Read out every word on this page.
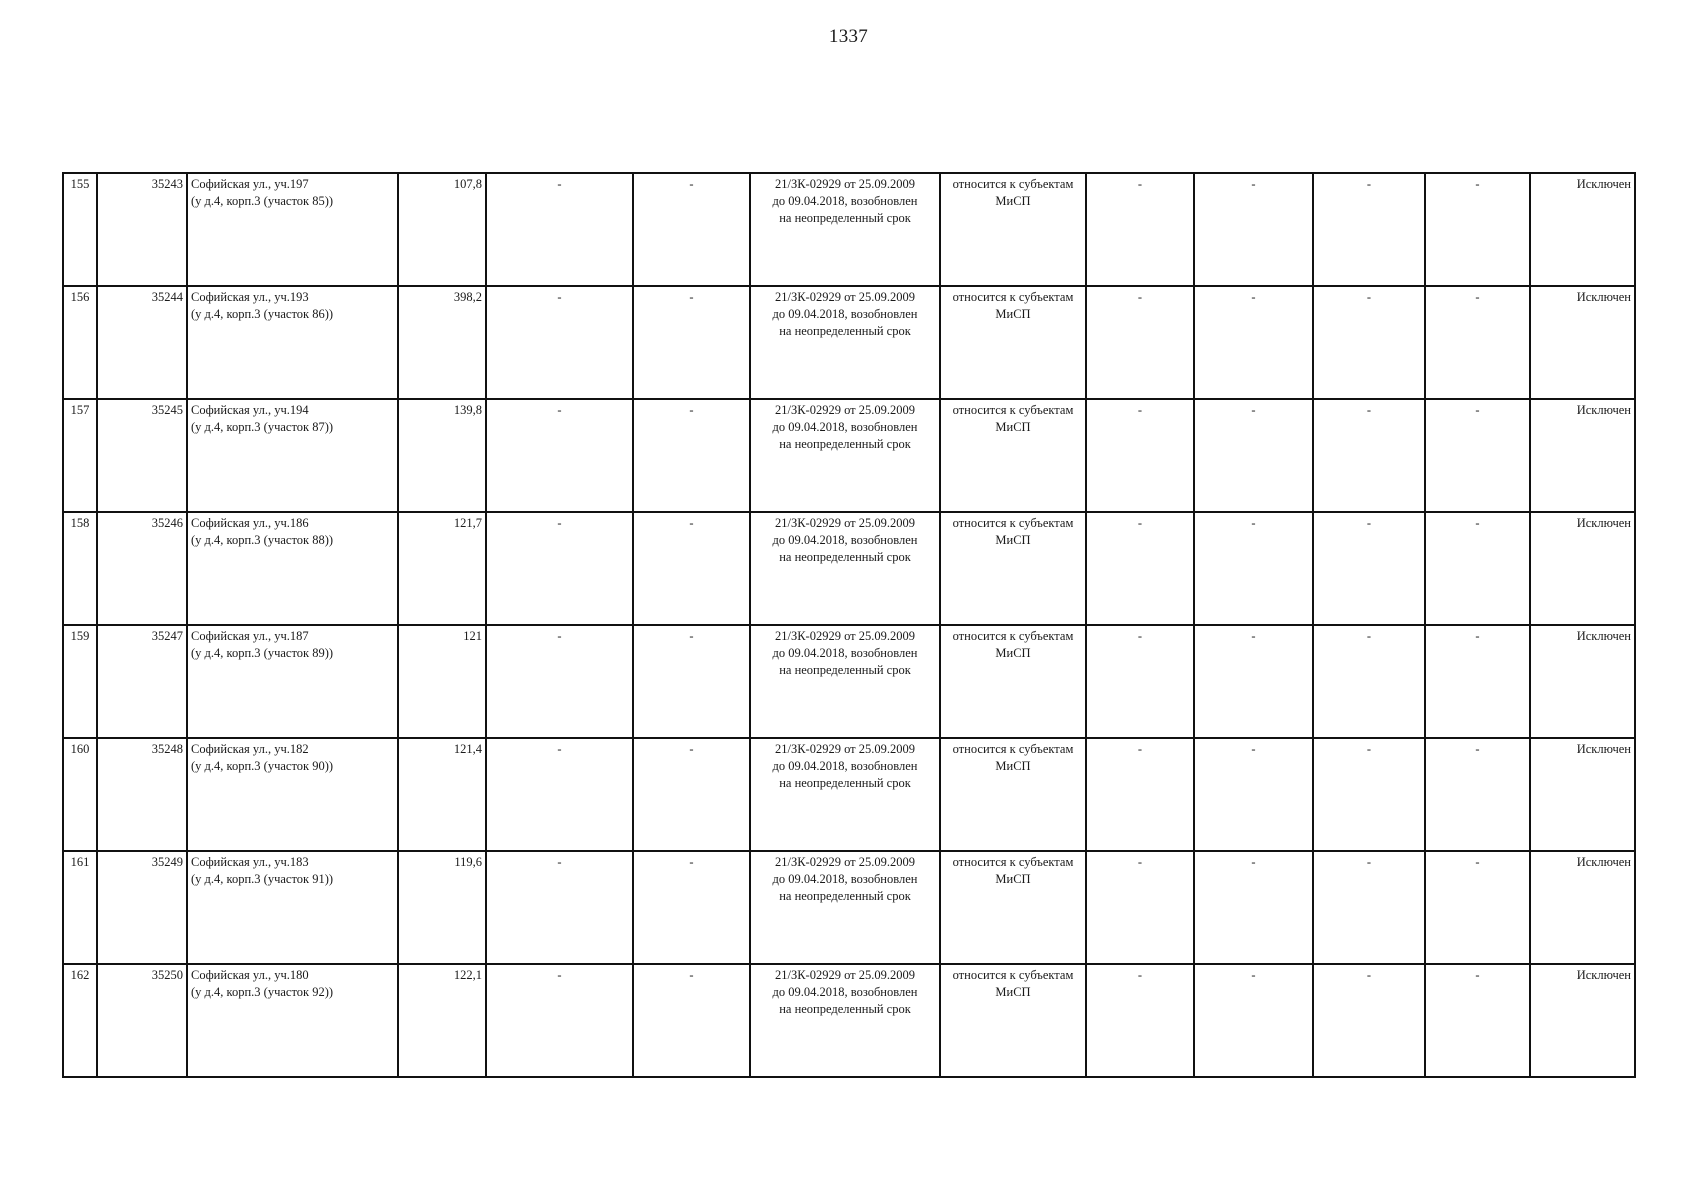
1337
155	35243	Софийская ул., уч.197
(у д.4, корп.3 (участок 85))	107,8	-	-	21/ЗК-02929 от 25.09.2009
до 09.04.2018, возобновлен
на неопределенный срок	относится к субъектам
МиСП	-	-	-	-	Исключен

156	35244	Софийская ул., уч.193
(у д.4, корп.3 (участок 86))	398,2	-	-	21/ЗК-02929 от 25.09.2009
до 09.04.2018, возобновлен
на неопределенный срок	относится к субъектам
МиСП	-	-	-	-	Исключен

157	35245	Софийская ул., уч.194
(у д.4, корп.3 (участок 87))	139,8	-	-	21/ЗК-02929 от 25.09.2009
до 09.04.2018, возобновлен
на неопределенный срок	относится к субъектам
МиСП	-	-	-	-	Исключен

158	35246	Софийская ул., уч.186
(у д.4, корп.3 (участок 88))	121,7	-	-	21/ЗК-02929 от 25.09.2009
до 09.04.2018, возобновлен
на неопределенный срок	относится к субъектам
МиСП	-	-	-	-	Исключен

159	35247	Софийская ул., уч.187
(у д.4, корп.3 (участок 89))	121	-	-	21/ЗК-02929 от 25.09.2009
до 09.04.2018, возобновлен
на неопределенный срок	относится к субъектам
МиСП	-	-	-	-	Исключен

160	35248	Софийская ул., уч.182
(у д.4, корп.3 (участок 90))	121,4	-	-	21/ЗК-02929 от 25.09.2009
до 09.04.2018, возобновлен
на неопределенный срок	относится к субъектам
МиСП	-	-	-	-	Исключен

161	35249	Софийская ул., уч.183
(у д.4, корп.3 (участок 91))	119,6	-	-	21/ЗК-02929 от 25.09.2009
до 09.04.2018, возобновлен
на неопределенный срок	относится к субъектам
МиСП	-	-	-	-	Исключен

162	35250	Софийская ул., уч.180
(у д.4, корп.3 (участок 92))	122,1	-	-	21/ЗК-02929 от 25.09.2009
до 09.04.2018, возобновлен
на неопределенный срок	относится к субъектам
МиСП	-	-	-	-	Исключен
